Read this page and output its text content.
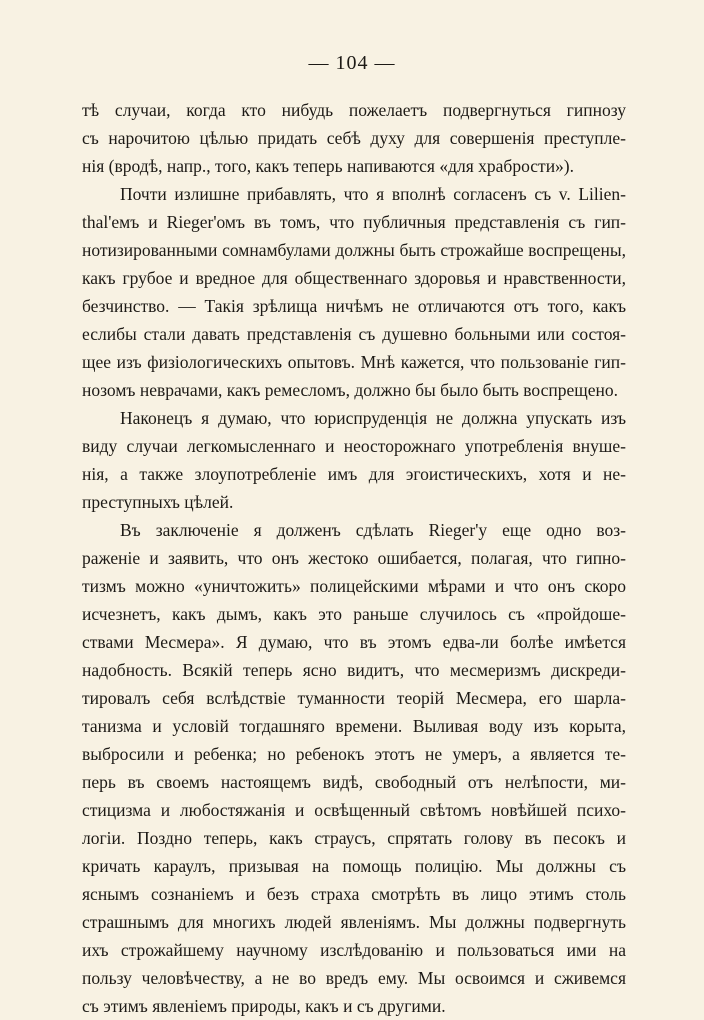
— 104 —
тѣ случаи, когда кто нибудь пожелаетъ подвергнуться гипнозу
съ нарочитою цѣлью придать себѣ духу для совершенія преступле-
нія (вродѣ, напр., того, какъ теперь напиваются «для храбрости»).
Почти излишне прибавлять, что я вполнѣ согласенъ съ v. Lilien-
thal'емъ и Rieger'омъ въ томъ, что публичныя представленія съ гип-
нотизированными сомнамбулами должны быть строжайше воспрещены,
какъ грубое и вредное для общественнаго здоровья и нравственности,
безчинство. — Такія зрѣлища ничѣмъ не отличаются отъ того, какъ
еслибы стали давать представленія съ душевно больными или состоя-
щее изъ физіологическихъ опытовъ. Мнѣ кажется, что пользованіе гип-
нозомъ неврачами, какъ ремесломъ, должно бы было быть воспрещено.
Наконецъ я думаю, что юриспруденція не должна упускать изъ
виду случаи легкомысленнаго и неосторожнаго употребленія внуше-
нія, а также злоупотребленіе имъ для эгоистическихъ, хотя и не-
преступныхъ цѣлей.
Въ заключеніе я долженъ сдѣлать Rieger'у еще одно воз-
раженіе и заявить, что онъ жестоко ошибается, полагая, что гипно-
тизмъ можно «уничтожить» полицейскими мѣрами и что онъ скоро
исчезнетъ, какъ дымъ, какъ это раньше случилось съ «пройдоше-
ствами Месмера». Я думаю, что въ этомъ едва-ли болѣе имѣется
надобность. Всякій теперь ясно видитъ, что месмеризмъ дискреди-
тировалъ себя вслѣдствіе туманности теорій Месмера, его шарла-
танизма и условій тогдашняго времени. Выливая воду изъ корыта,
выбросили и ребенка; но ребенокъ этотъ не умеръ, а является те-
перь въ своемъ настоящемъ видѣ, свободный отъ нелѣпости, ми-
стицизма и любостяжанія и освѣщенный свѣтомъ новѣйшей психо-
логіи. Поздно теперь, какъ страусъ, спрятать голову въ песокъ и
кричать караулъ, призывая на помощь полицію. Мы должны съ
яснымъ сознаніемъ и безъ страха смотрѣть въ лицо этимъ столь
страшнымъ для многихъ людей явленіямъ. Мы должны подвергнуть
ихъ строжайшему научному изслѣдованію и пользоваться ими на
пользу человѣчеству, а не во вредъ ему. Мы освоимся и сживемся
съ этимъ явленіемъ природы, какъ и съ другими.
